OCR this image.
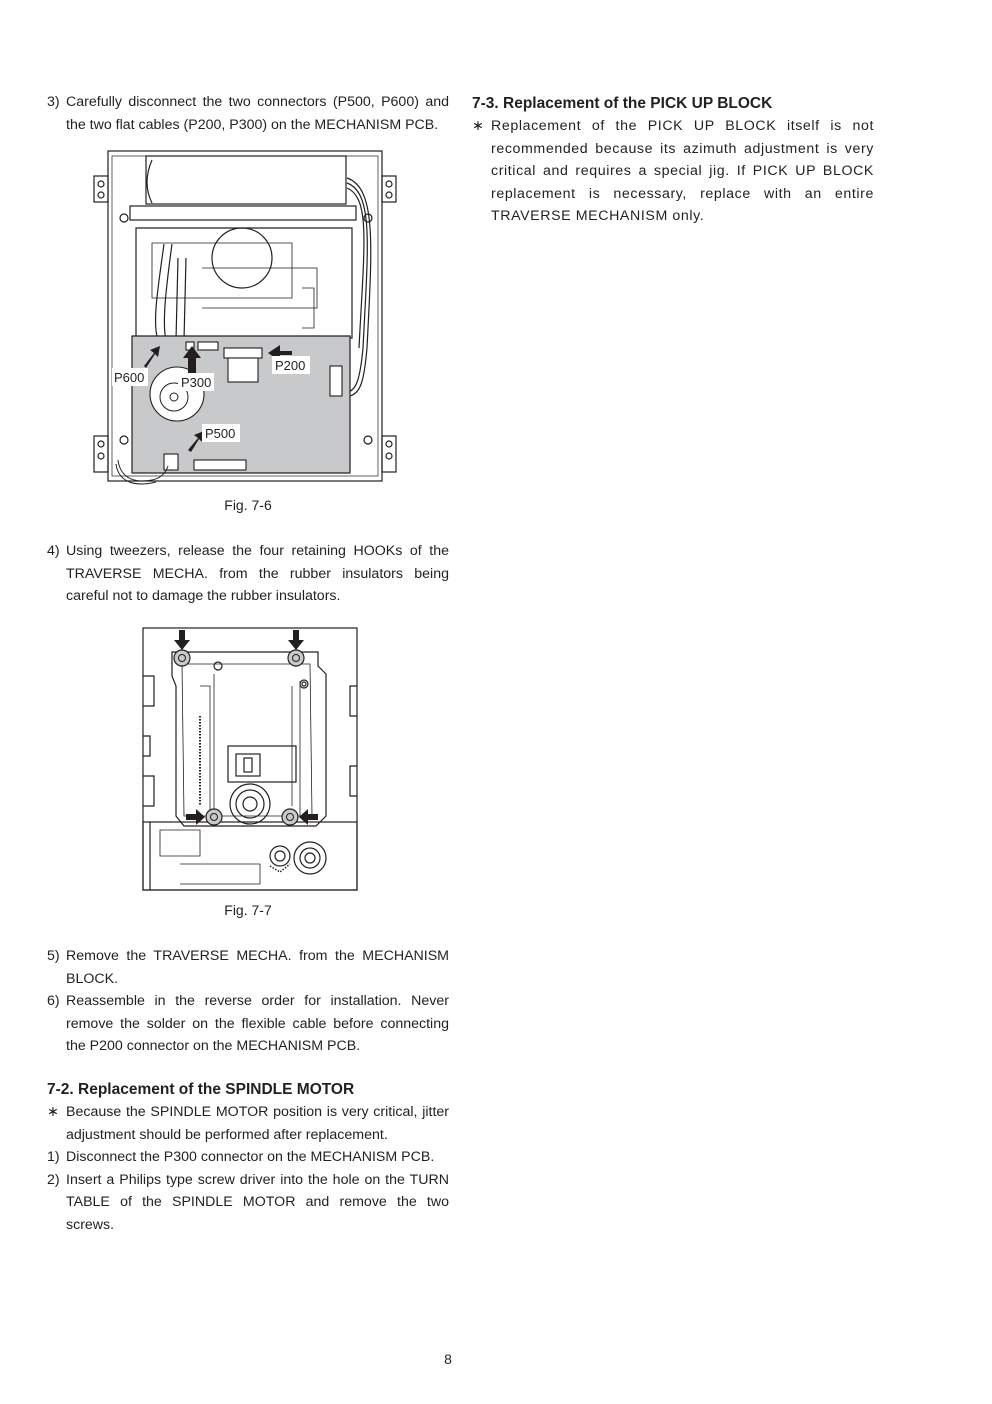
3) Carefully disconnect the two connectors (P500, P600) and the two flat cables (P200, P300) on the MECHANISM PCB.

P600	P300
P200
P500
Fig. 7-6

4) Using tweezers, release the four retaining HOOKs of the TRAVERSE MECHA. from the rubber insulators being careful not to damage the rubber insulators.

Fig. 7-7

5) Remove the TRAVERSE MECHA. from the MECHANISM BLOCK.

6) Reassemble in the reverse order for installation. Never remove the solder on the flexible cable before connecting the P200 connector on the MECHANISM PCB.

7-2. Replacement of the SPINDLE MOTOR

∗ Because the SPINDLE MOTOR position is very critical, jitter adjustment should be performed after replacement.

1) Disconnect the P300 connector on the MECHANISM PCB.

2) Insert a Philips type screw driver into the hole on the TURN TABLE of the SPINDLE MOTOR and remove the two screws.

7-3. Replacement of the PICK UP BLOCK

∗ Replacement of the PICK UP BLOCK itself is not recommended because its azimuth adjustment is very critical and requires a special jig. If PICK UP BLOCK replacement is necessary, replace with an entire TRAVERSE MECHANISM only.

8
